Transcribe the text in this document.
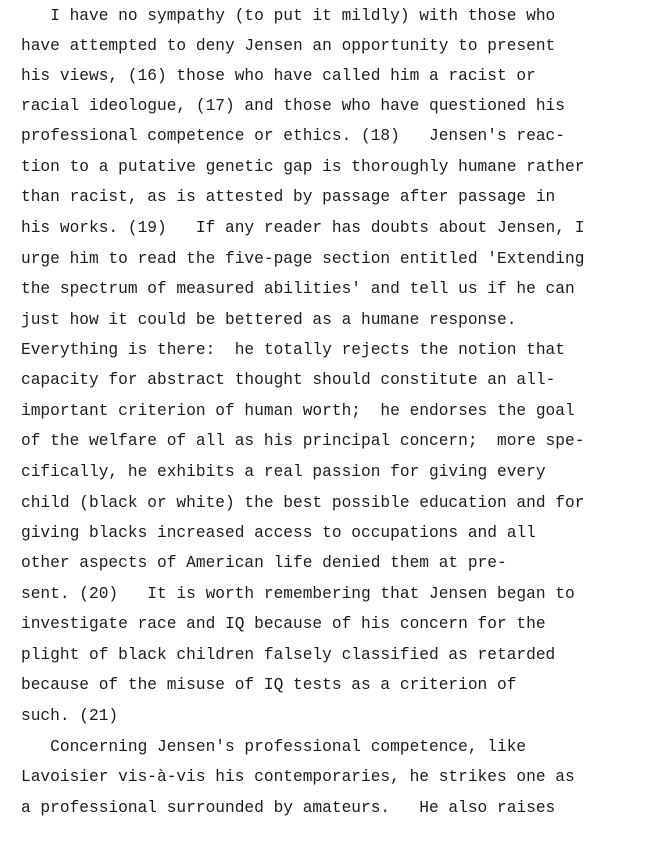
I have no sympathy (to put it mildly) with those who
have attempted to deny Jensen an opportunity to present
his views, (16) those who have called him a racist or
racial ideologue, (17) and those who have questioned his
professional competence or ethics. (18)   Jensen's reac-
tion to a putative genetic gap is thoroughly humane rather
than racist, as is attested by passage after passage in
his works. (19)   If any reader has doubts about Jensen, I
urge him to read the five-page section entitled 'Extending
the spectrum of measured abilities' and tell us if he can
just how it could be bettered as a humane response.
Everything is there:  he totally rejects the notion that
capacity for abstract thought should constitute an all-
important criterion of human worth;  he endorses the goal
of the welfare of all as his principal concern;  more spe-
cifically, he exhibits a real passion for giving every
child (black or white) the best possible education and for
giving blacks increased access to occupations and all
other aspects of American life denied them at pre-
sent. (20)   It is worth remembering that Jensen began to
investigate race and IQ because of his concern for the
plight of black children falsely classified as retarded
because of the misuse of IQ tests as a criterion of
such. (21)
Concerning Jensen's professional competence, like
Lavoisier vis-à-vis his contemporaries, he strikes one as
a professional surrounded by amateurs.   He also raises
